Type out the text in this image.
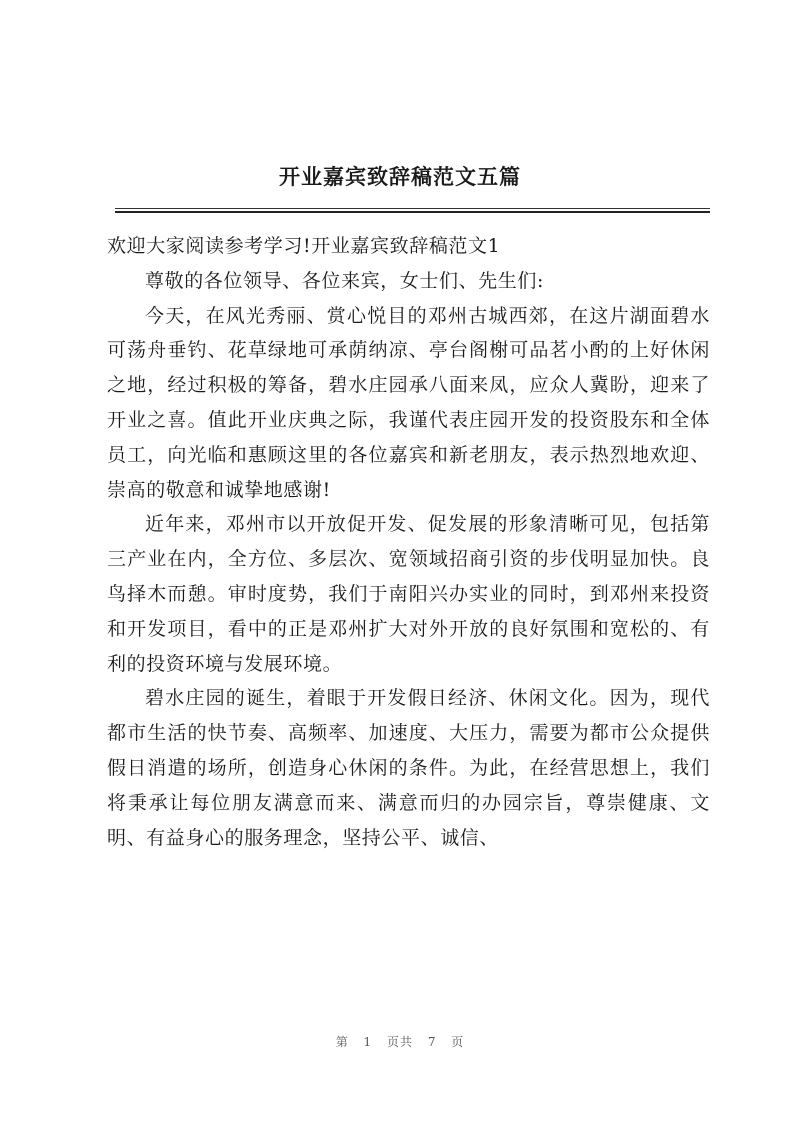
开业嘉宾致辞稿范文五篇

欢迎大家阅读参考学习!开业嘉宾致辞稿范文1

尊敬的各位领导、各位来宾，女士们、先生们:

今天，在风光秀丽、赏心悦目的邓州古城西郊，在这片湖面碧水可荡舟垂钓、花草绿地可承荫纳凉、亭台阁榭可品茗小酌的上好休闲之地，经过积极的筹备，碧水庄园承八面来凤，应众人冀盼，迎来了开业之喜。值此开业庆典之际，我谨代表庄园开发的投资股东和全体员工，向光临和惠顾这里的各位嘉宾和新老朋友，表示热烈地欢迎、崇高的敬意和诚挚地感谢!

近年来，邓州市以开放促开发、促发展的形象清晰可见，包括第三产业在内，全方位、多层次、宽领域招商引资的步伐明显加快。良鸟择木而憩。审时度势，我们于南阳兴办实业的同时，到邓州来投资和开发项目，看中的正是邓州扩大对外开放的良好氛围和宽松的、有利的投资环境与发展环境。

碧水庄园的诞生，着眼于开发假日经济、休闲文化。因为，现代都市生活的快节奏、高频率、加速度、大压力，需要为都市公众提供假日消遣的场所，创造身心休闲的条件。为此，在经营思想上，我们将秉承让每位朋友满意而来、满意而归的办园宗旨，尊崇健康、文明、有益身心的服务理念，坚持公平、诚信、

第 1 页共 7 页
